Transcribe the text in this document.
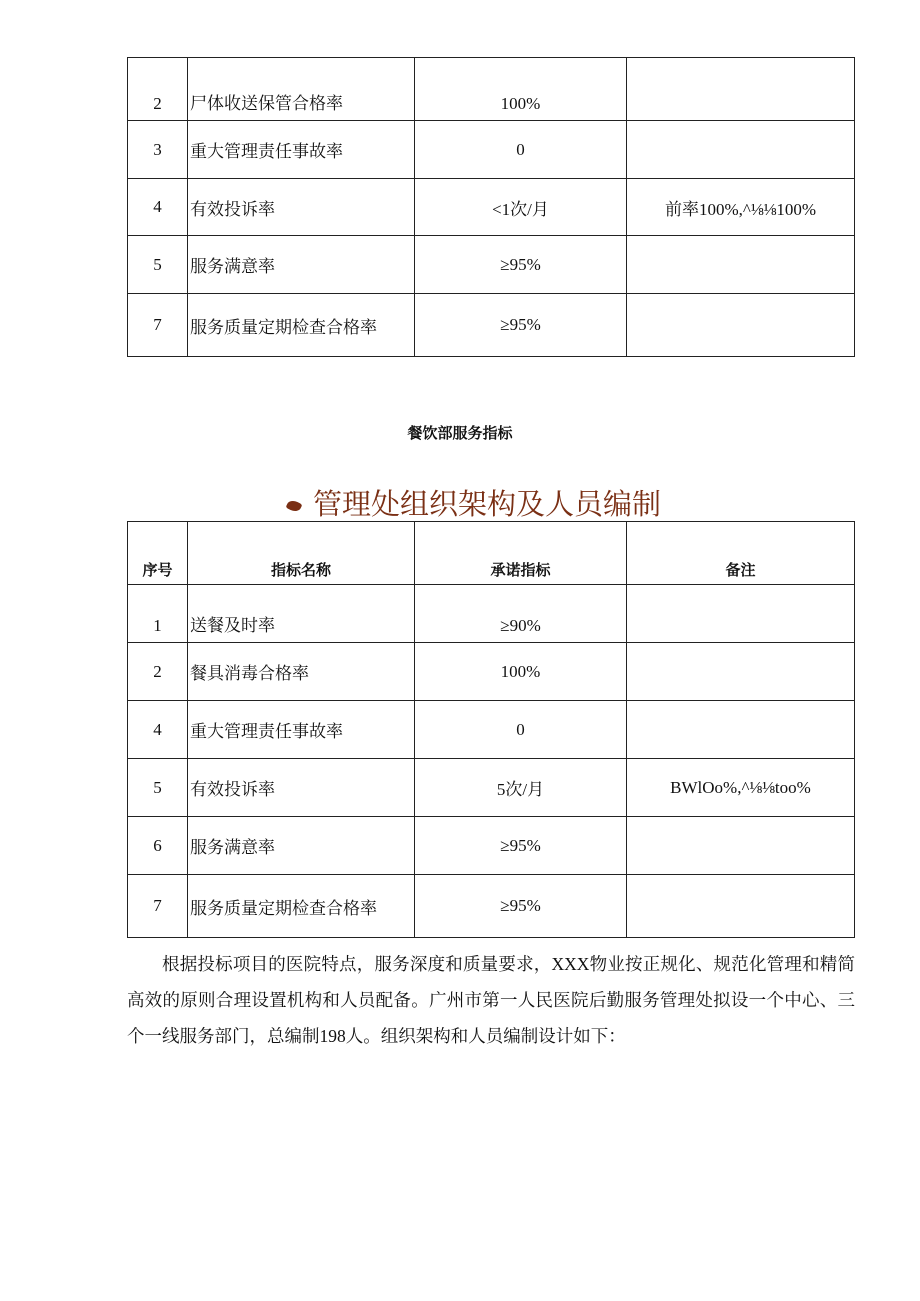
2	尸体收送保管合格率	100%	
3	重大管理责任事故率	0	
4	有效投诉率	<1次/月	前率100%,^⅛⅛100%
5	服务满意率	≥95%	
7	服务质量定期检查合格率	≥95%	
餐饮部服务指标
管理处组织架构及人员编制
序号	指标名称	承诺指标	备注
1	送餐及时率	≥90%	
2	餐具消毒合格率	100%	
4	重大管理责任事故率	0	
5	有效投诉率	5次/月	BWlOo%,^⅛⅛too%
6	服务满意率	≥95%	
7	服务质量定期检查合格率	≥95%	

根据投标项目的医院特点，服务深度和质量要求，XXX物业按正规化、规范化管理和精简高效的原则合理设置机构和人员配备。广州市第一人民医院后勤服务管理处拟设一个中心、三个一线服务部门，总编制198人。组织架构和人员编制设计如下：
